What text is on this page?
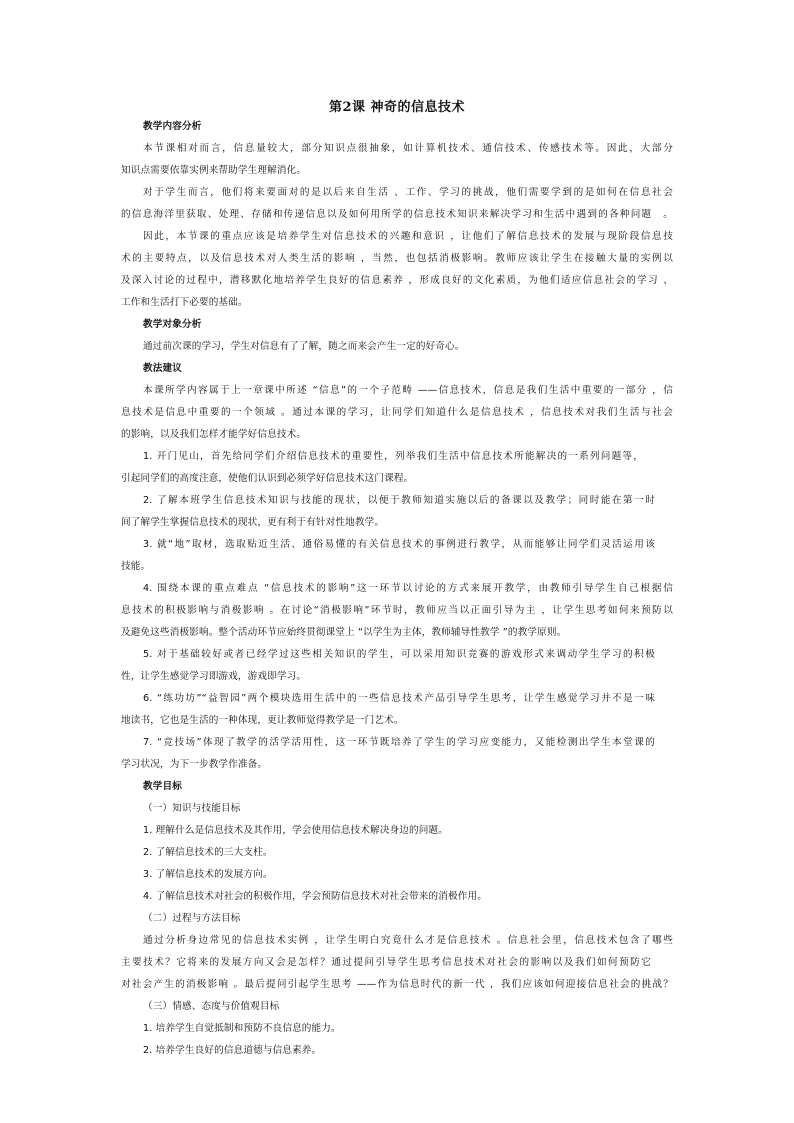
第2课 神奇的信息技术
教学内容分析
本节课相对而言，信息量较大，部分知识点很抽象，如计算机技术、通信技术、传感技术等。因此，大部分
知识点需要依靠实例来帮助学生理解消化。
对于学生而言，他们将来要面对的是以后来自生活 、工作、学习的挑战，他们需要学到的是如何在信息社会
的信息海洋里获取、处理、存储和传递信息以及如何用所学的信息技术知识来解决学习和生活中遇到的各种问题　。
因此，本节课的重点应该是培养学生对信息技术的兴趣和意识 ，让他们了解信息技术的发展与现阶段信息技
术的主要特点，以及信息技术对人类生活的影响 ，当然，也包括消极影响。教师应该让学生在接触大量的实例以
及深入讨论的过程中，潜移默化地培养学生良好的信息素养 ，形成良好的文化素质，为他们适应信息社会的学习 、
工作和生活打下必要的基础。
教学对象分析
通过前次课的学习，学生对信息有了了解，随之而来会产生一定的好奇心。
教法建议
本课所学内容属于上一章课中所述 “信息”的一个子范畴 ——信息技术，信息是我们生活中重要的一部分 ，信
息技术是信息中重要的一个领域 。通过本课的学习，让同学们知道什么是信息技术 ，信息技术对我们生活与社会
的影响，以及我们怎样才能学好信息技术。
1. 开门见山，首先给同学们介绍信息技术的重要性，列举我们生活中信息技术所能解决的一系列问题等，
引起同学们的高度注意，使他们认识到必须学好信息技术这门课程。
2. 了解本班学生信息技术知识与技能的现状，以便于教师知道实施以后的备课以及教学；同时能在第一时
间了解学生掌握信息技术的现状，更有利于有针对性地教学。
3. 就“地”取材，选取贴近生活、通俗易懂的有关信息技术的事例进行教学，从而能够让同学们灵活运用该
技能。
4. 围绕本课的重点难点 “信息技术的影响”这一环节以讨论的方式来展开教学，由教师引导学生自己根据信
息技术的积极影响与消极影响 。在讨论“消极影响”环节时，教师应当以正面引导为主 ，让学生思考如何来预防以
及避免这些消极影响。整个活动环节应始终贯彻课堂上 “以学生为主体，教师辅导性教学 ”的教学原则。
5. 对于基础较好或者已经学过这些相关知识的学生，可以采用知识竞赛的游戏形式来调动学生学习的积极
性，让学生感觉学习即游戏，游戏即学习。
6. “练功坊”“益智园”两个模块选用生活中的一些信息技术产品引导学生思考，让学生感觉学习并不是一味
地读书，它也是生活的一种体现，更让教师觉得教学是一门艺术。
7. “竞技场”体现了教学的活学活用性，这一环节既培养了学生的学习应变能力，又能检测出学生本堂课的
学习状况，为下一步教学作准备。
教学目标
（一）知识与技能目标
1. 理解什么是信息技术及其作用，学会使用信息技术解决身边的问题。
2. 了解信息技术的三大支柱。
3. 了解信息技术的发展方向。
4. 了解信息技术对社会的积极作用，学会预防信息技术对社会带来的消极作用。
（二）过程与方法目标
通过分析身边常见的信息技术实例 ，让学生明白究竟什么才是信息技术 。信息社会里，信息技术包含了哪些
主要技术？它将来的发展方向又会是怎样？通过提问引导学生思考信息技术对社会的影响以及我们如何预防它
对社会产生的消极影响 。最后提问引起学生思考 ——作为信息时代的新一代 ，我们应该如何迎接信息社会的挑战？
（三）情感、态度与价值观目标
1. 培养学生自觉抵制和预防不良信息的能力。
2. 培养学生良好的信息道德与信息素养。
